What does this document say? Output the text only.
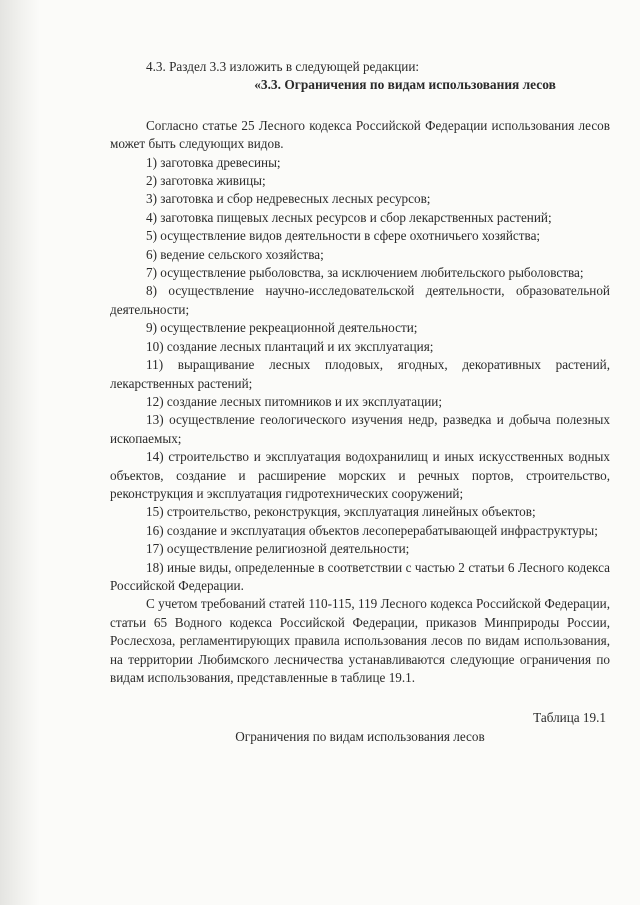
4.3. Раздел 3.3 изложить в следующей редакции:

«3.3. Ограничения по видам использования лесов

Согласно статье 25 Лесного кодекса Российской Федерации использования лесов может быть следующих видов.

1) заготовка древесины;

2) заготовка живицы;

3) заготовка и сбор недревесных лесных ресурсов;

4) заготовка пищевых лесных ресурсов и сбор лекарственных растений;

5) осуществление видов деятельности в сфере охотничьего хозяйства;

6) ведение сельского хозяйства;

7) осуществление рыболовства, за исключением любительского рыболовства;

8) осуществление научно-исследовательской деятельности, образовательной деятельности;

9) осуществление рекреационной деятельности;

10) создание лесных плантаций и их эксплуатация;

11) выращивание лесных плодовых, ягодных, декоративных растений, лекарственных растений;

12) создание лесных питомников и их эксплуатации;

13) осуществление геологического изучения недр, разведка и добыча полезных ископаемых;

14) строительство и эксплуатация водохранилищ и иных искусственных водных объектов, создание и расширение морских и речных портов, строительство, реконструкция и эксплуатация гидротехнических сооружений;

15) строительство, реконструкция, эксплуатация линейных объектов;

16) создание и эксплуатация объектов лесоперерабатывающей инфраструктуры;

17) осуществление религиозной деятельности;

18) иные виды, определенные в соответствии с частью 2 статьи 6 Лесного кодекса Российской Федерации.

С учетом требований статей 110-115, 119 Лесного кодекса Российской Федерации, статьи 65 Водного кодекса Российской Федерации, приказов Минприроды России, Рослесхоза, регламентирующих правила использования лесов по видам использования, на территории Любимского лесничества устанавливаются следующие ограничения по видам использования, представленные в таблице 19.1.

Таблица 19.1

Ограничения по видам использования лесов
